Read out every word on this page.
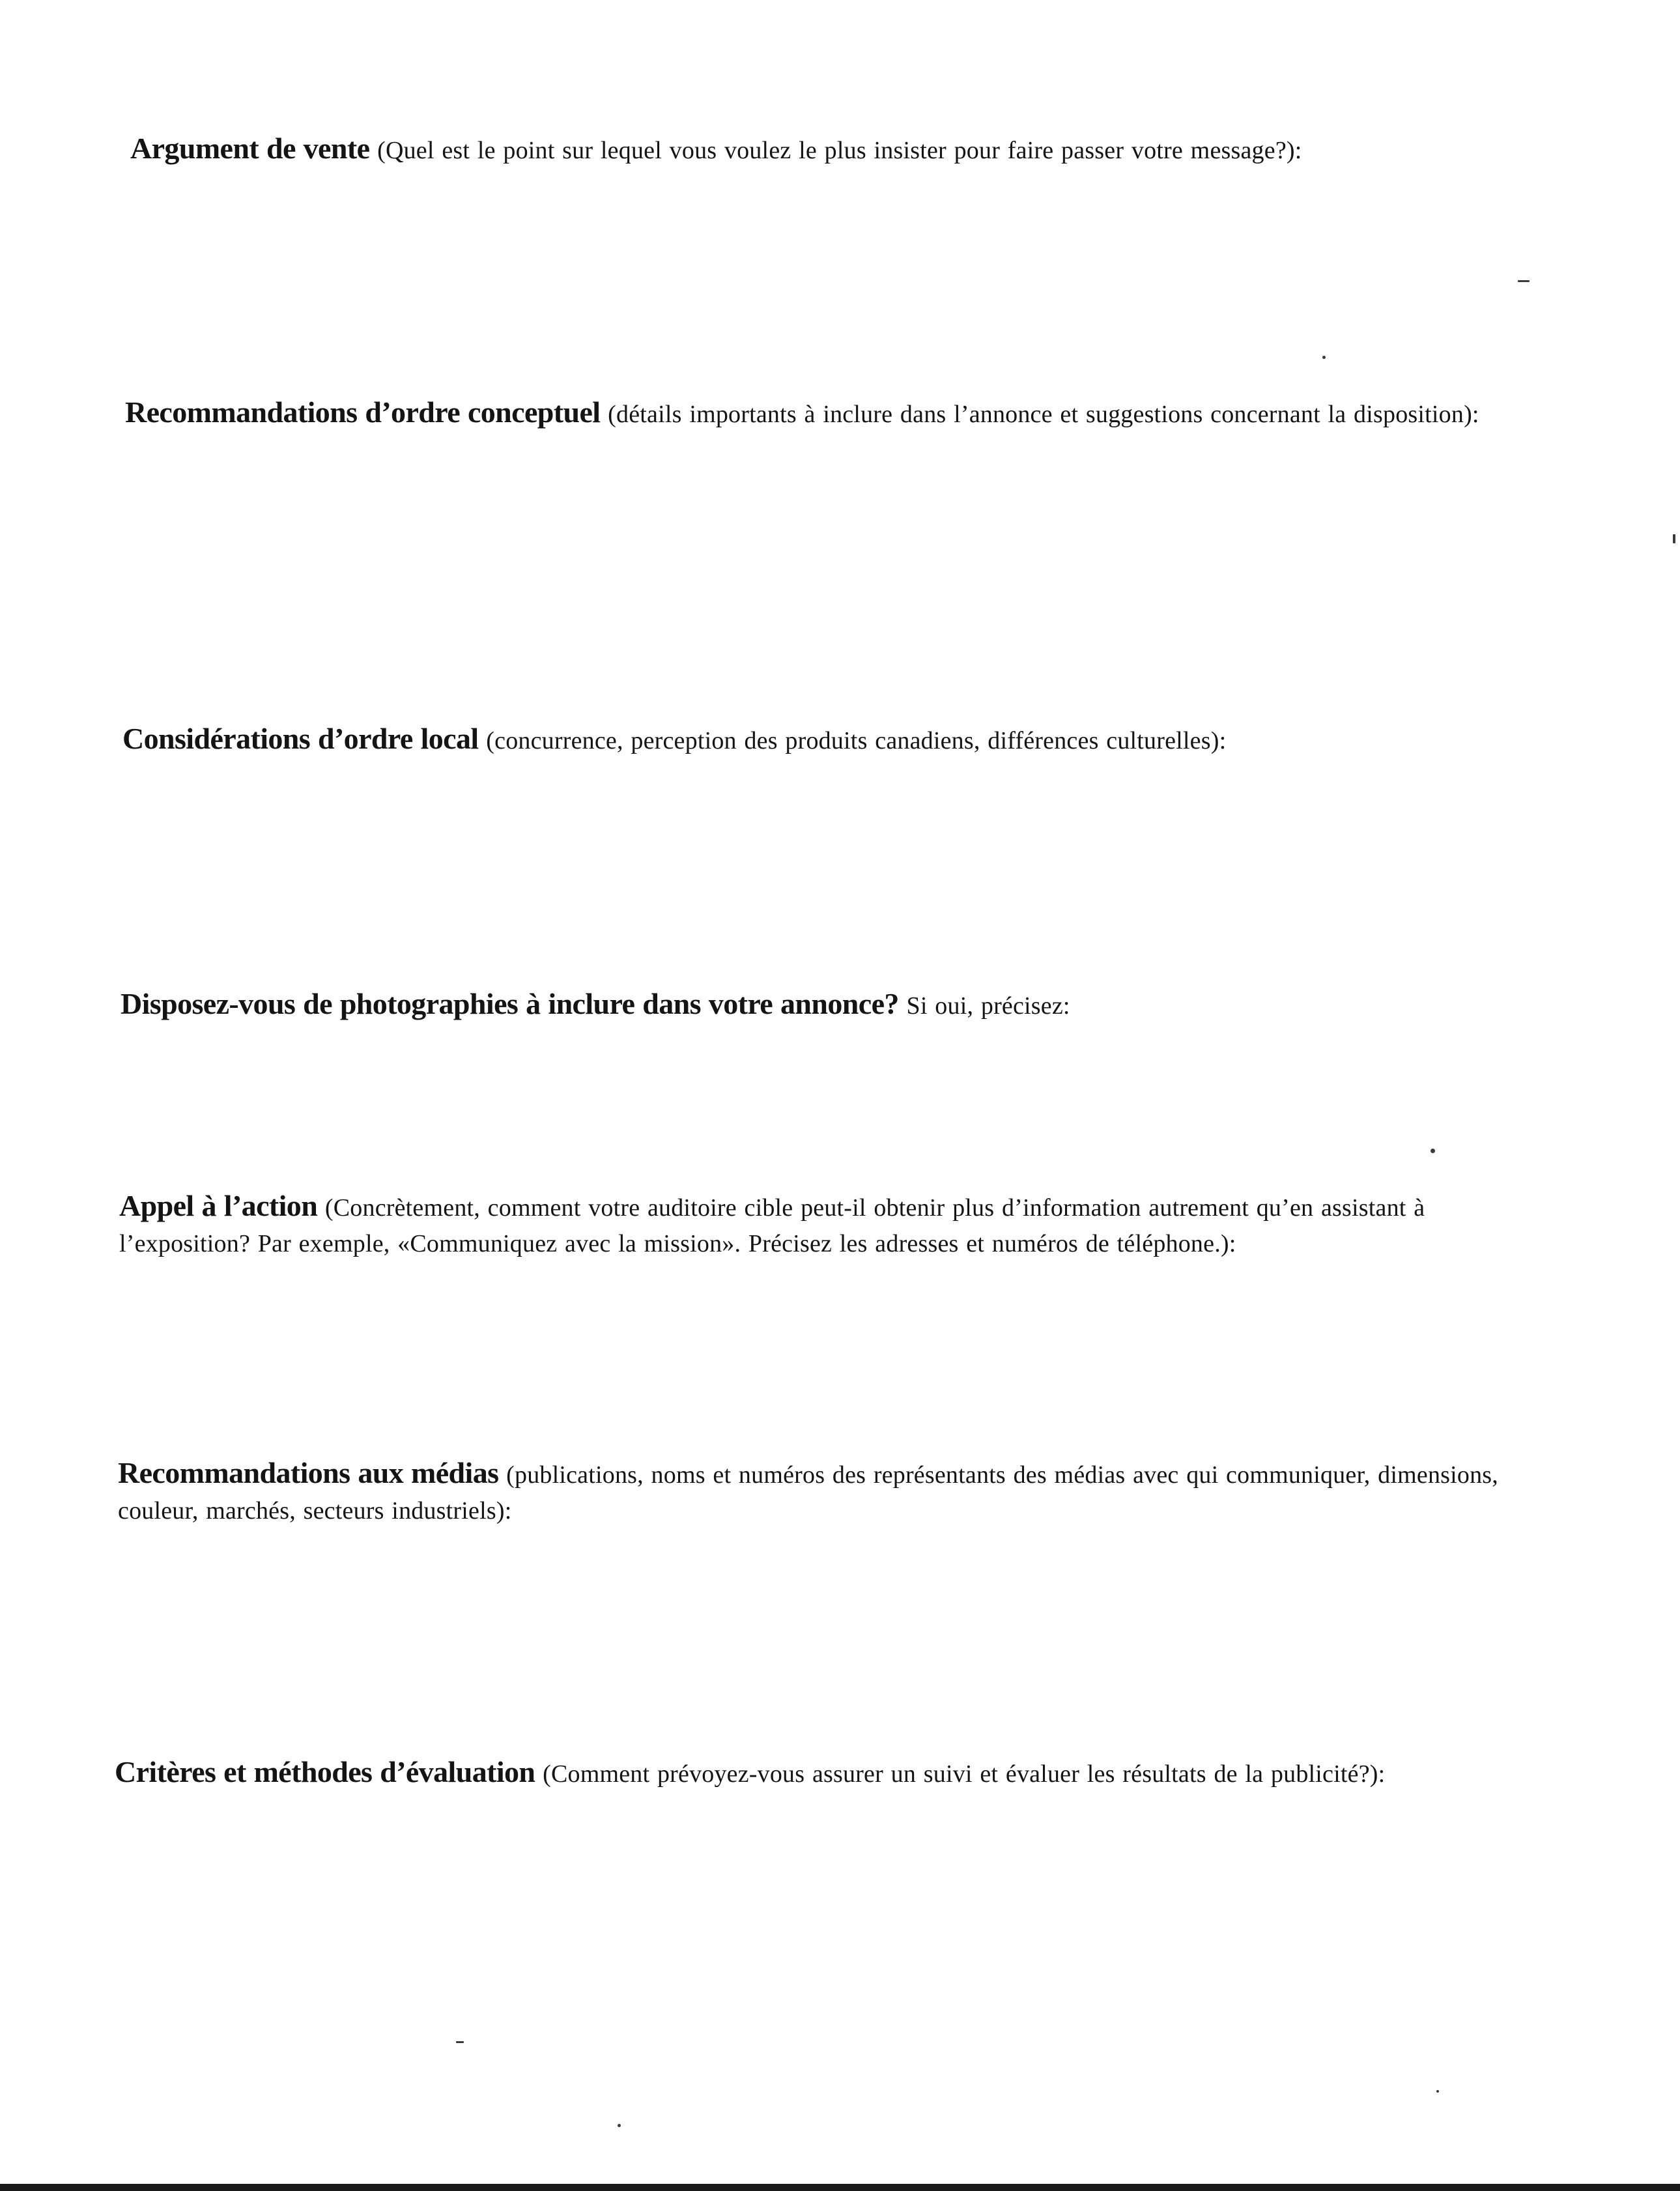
Argument de vente (Quel est le point sur lequel vous voulez le plus insister pour faire passer votre message?):
Recommandations d’ordre conceptuel (détails importants à inclure dans l’annonce et suggestions concernant la disposition):
Considérations d’ordre local (concurrence, perception des produits canadiens, différences culturelles):
Disposez-vous de photographies à inclure dans votre annonce? Si oui, précisez:
Appel à l’action (Concrètement, comment votre auditoire cible peut-il obtenir plus d’information autrement qu’en assistant à l’exposition? Par exemple, «Communiquez avec la mission». Précisez les adresses et numéros de téléphone.):
Recommandations aux médias (publications, noms et numéros des représentants des médias avec qui communiquer, dimensions, couleur, marchés, secteurs industriels):
Critères et méthodes d’évaluation (Comment prévoyez-vous assurer un suivi et évaluer les résultats de la publicité?):
